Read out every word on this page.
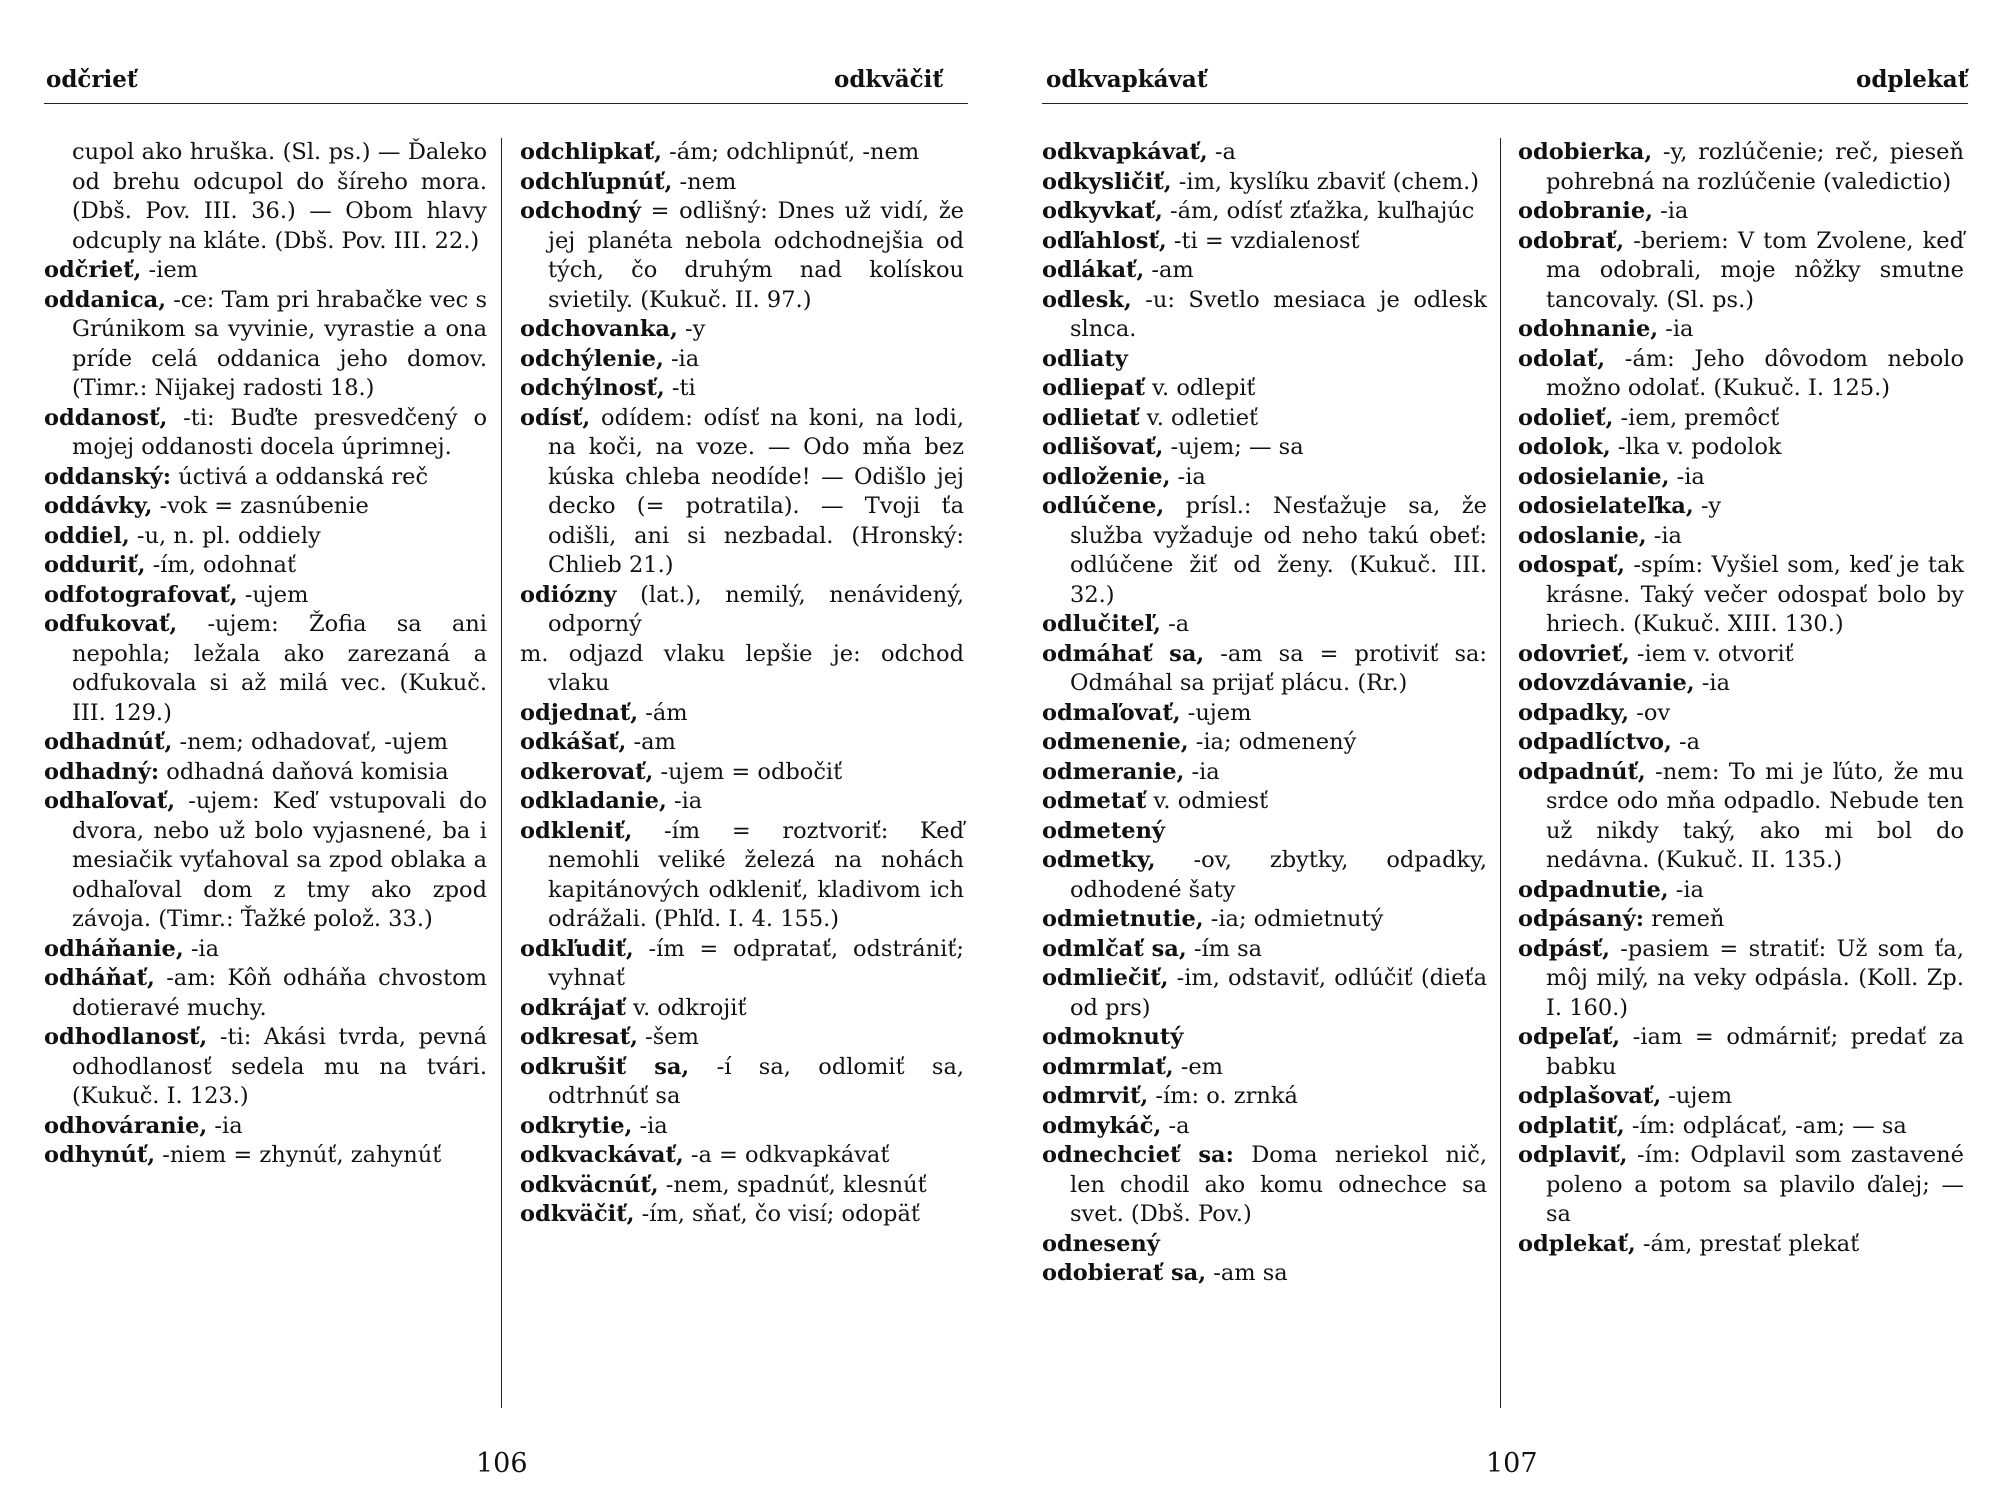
odčrieť	odkväčiť

cupol ako hruška. (Sl. ps.) — Ďaleko od brehu odcupol do šíreho mora. (Dbš. Pov. III. 36.) — Obom hlavy odcuply na kláte. (Dbš. Pov. III. 22.)

odčrieť, -iem

oddanica, -ce: Tam pri hrabačke vec s Grúnikom sa vyvinie, vyrastie a ona príde celá oddanica jeho domov. (Timr.: Nijakej radosti 18.)

oddanosť, -ti: Buďte presvedčený o mojej oddanosti docela úprimnej.

oddanský: úctivá a oddanská reč

oddávky, -vok = zasnúbenie

oddiel, -u, n. pl. oddiely

odduriť, -ím, odohnať

odfotografovať, -ujem

odfukovať, -ujem: Žofia sa ani nepohla; ležala ako zarezaná a odfukovala si až milá vec. (Kukuč. III. 129.)

odhadnúť, -nem; odhadovať, -ujem

odhadný: odhadná daňová komisia

odhaľovať, -ujem: Keď vstupovali do dvora, nebo už bolo vyjasnené, ba i mesiačik vyťahoval sa zpod oblaka a odhaľoval dom z tmy ako zpod závoja. (Timr.: Ťažké polož. 33.)

odháňanie, -ia

odháňať, -am: Kôň odháňa chvostom dotieravé muchy.

odhodlanosť, -ti: Akási tvrda, pevná odhodlanosť sedela mu na tvári. (Kukuč. I. 123.)

odhováranie, -ia

odhynúť, -niem = zhynúť, zahynúť

odchlipkať, -ám; odchlipnúť, -nem

odchľupnúť, -nem

odchodný = odlišný: Dnes už vidí, že jej planéta nebola odchodnejšia od tých, čo druhým nad kolískou svietily. (Kukuč. II. 97.)

odchovanka, -y

odchýlenie, -ia

odchýlnosť, -ti

odísť, odídem: odísť na koni, na lodi, na koči, na voze. — Odo mňa bez kúska chleba neodíde! — Odišlo jej decko (= potratila). — Tvoji ťa odišli, ani si nezbadal. (Hronský: Chlieb 21.)

odiózny (lat.), nemilý, nenávidený, odporný

m. odjazd vlaku lepšie je: odchod vlaku

odjednať, -ám

odkášať, -am

odkerovať, -ujem = odbočiť

odkladanie, -ia

odkleniť, -ím = roztvoriť: Keď nemohli veliké železá na nohách kapitánových odkleniť, kladivom ich odrážali. (Phľd. I. 4. 155.)

odkľudiť, -ím = odpratať, odstrániť; vyhnať

odkrájať v. odkrojiť

odkresať, -šem

odkrušiť sa, -í sa, odlomiť sa, odtrhnúť sa

odkrytie, -ia

odkvackávať, -a = odkvapkávať

odkväcnúť, -nem, spadnúť, klesnúť

odkväčiť, -ím, sňať, čo visí; odopäť

106
odkvapkávať	odplekať

odkvapkávať, -a

odkysličiť, -im, kyslíku zbaviť (chem.)

odkyvkať, -ám, odísť zťažka, kuľhajúc

odľahlosť, -ti = vzdialenosť

odlákať, -am

odlesk, -u: Svetlo mesiaca je odlesk slnca.

odliaty

odliepať v. odlepiť

odlietať v. odletieť

odlišovať, -ujem; — sa

odloženie, -ia

odlúčene, prísl.: Nesťažuje sa, že služba vyžaduje od neho takú obeť: odlúčene žiť od ženy. (Kukuč. III. 32.)

odlučiteľ, -a

odmáhať sa, -am sa = protiviť sa: Odmáhal sa prijať plácu. (Rr.)

odmaľovať, -ujem

odmenenie, -ia; odmenený

odmeranie, -ia

odmetať v. odmiesť

odmetený

odmetky, -ov, zbytky, odpadky, odhodené šaty

odmietnutie, -ia; odmietnutý

odmlčať sa, -ím sa

odmliečiť, -im, odstaviť, odlúčiť (dieťa od prs)

odmoknutý

odmrmlať, -em

odmrviť, -ím: o. zrnká

odmykáč, -a

odnechcieť sa: Doma neriekol nič, len chodil ako komu odnechce sa svet. (Dbš. Pov.)

odnesený

odobierať sa, -am sa

odobierka, -y, rozlúčenie; reč, pieseň pohrebná na rozlúčenie (valedictio)

odobranie, -ia

odobrať, -beriem: V tom Zvolene, keď ma odobrali, moje nôžky smutne tancovaly. (Sl. ps.)

odohnanie, -ia

odolať, -ám: Jeho dôvodom nebolo možno odolať. (Kukuč. I. 125.)

odolieť, -iem, premôcť

odolok, -lka v. podolok

odosielanie, -ia

odosielateľka, -y

odoslanie, -ia

odospať, -spím: Vyšiel som, keď je tak krásne. Taký večer odospať bolo by hriech. (Kukuč. XIII. 130.)

odovrieť, -iem v. otvoriť

odovzdávanie, -ia

odpadky, -ov

odpadlíctvo, -a

odpadnúť, -nem: To mi je ľúto, že mu srdce odo mňa odpadlo. Nebude ten už nikdy taký, ako mi bol do nedávna. (Kukuč. II. 135.)

odpadnutie, -ia

odpásaný: remeň

odpásť, -pasiem = stratiť: Už som ťa, môj milý, na veky odpásla. (Koll. Zp. I. 160.)

odpeľať, -iam = odmárniť; predať za babku

odplašovať, -ujem

odplatiť, -ím: odplácať, -am; — sa

odplaviť, -ím: Odplavil som zastavené poleno a potom sa plavilo ďalej; — sa

odplekať, -ám, prestať plekať

107
